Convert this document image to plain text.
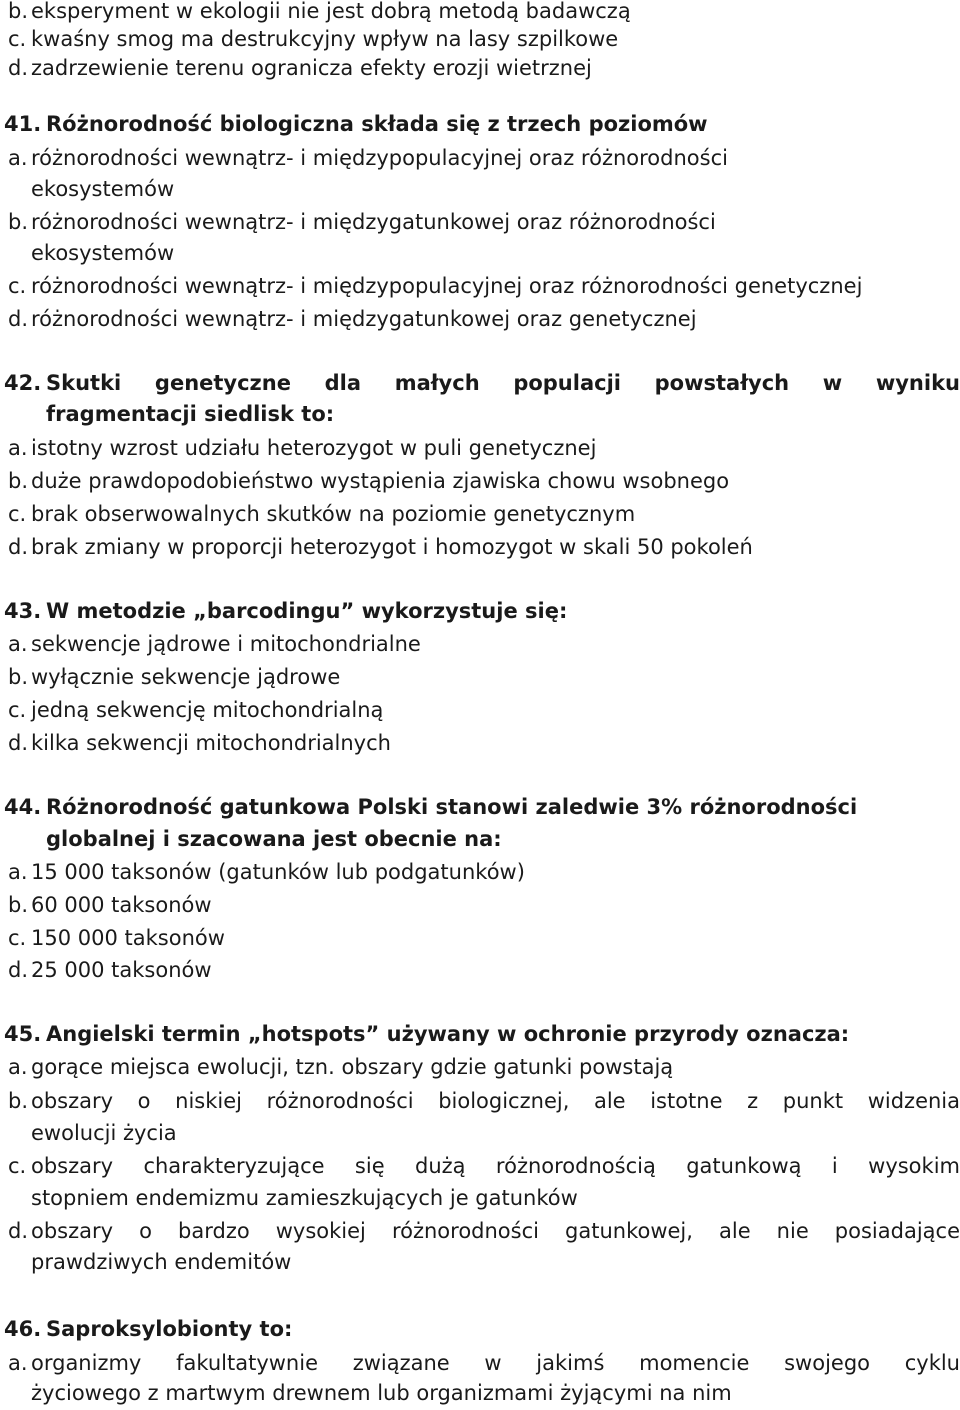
b. eksperyment w ekologii nie jest dobrą metodą badawczą
c. kwaśny smog ma destrukcyjny wpływ na lasy szpilkowe
d. zadrzewienie terenu ogranicza efekty erozji wietrznej
41. Różnorodność biologiczna składa się z trzech poziomów
a. różnorodności wewnątrz- i międzypopulacyjnej oraz różnorodności
ekosystemów
b. różnorodności wewnątrz- i międzygatunkowej oraz różnorodności
ekosystemów
c. różnorodności wewnątrz- i międzypopulacyjnej oraz różnorodności genetycznej
d. różnorodności wewnątrz- i międzygatunkowej oraz genetycznej
42. Skutki genetyczne dla małych populacji powstałych w wyniku
fragmentacji siedlisk to:
a. istotny wzrost udziału heterozygot w puli genetycznej
b. duże prawdopodobieństwo wystąpienia zjawiska chowu wsobnego
c. brak obserwowalnych skutków na poziomie genetycznym
d. brak zmiany w proporcji heterozygot i homozygot w skali 50 pokoleń
43. W metodzie „barcodingu” wykorzystuje się:
a. sekwencje jądrowe i mitochondrialne
b. wyłącznie sekwencje jądrowe
c. jedną sekwencję mitochondrialną
d. kilka sekwencji mitochondrialnych
44. Różnorodność gatunkowa Polski stanowi zaledwie 3% różnorodności
globalnej i szacowana jest obecnie na:
a. 15 000 taksonów (gatunków lub podgatunków)
b. 60 000 taksonów
c. 150 000 taksonów
d. 25 000 taksonów
45. Angielski termin „hotspots” używany w ochronie przyrody oznacza:
a. gorące miejsca ewolucji, tzn. obszary gdzie gatunki powstają
b. obszary o niskiej różnorodności biologicznej, ale istotne z punkt widzenia
ewolucji życia
c. obszary charakteryzujące się dużą różnorodnością gatunkową i wysokim
stopniem endemizmu zamieszkujących je gatunków
d. obszary o bardzo wysokiej różnorodności gatunkowej, ale nie posiadające
prawdziwych endemitów
46. Saproksylobionty to:
a. organizmy fakultatywnie związane w jakimś momencie swojego cyklu
życiowego z martwym drewnem lub organizmami żyjącymi na nim
